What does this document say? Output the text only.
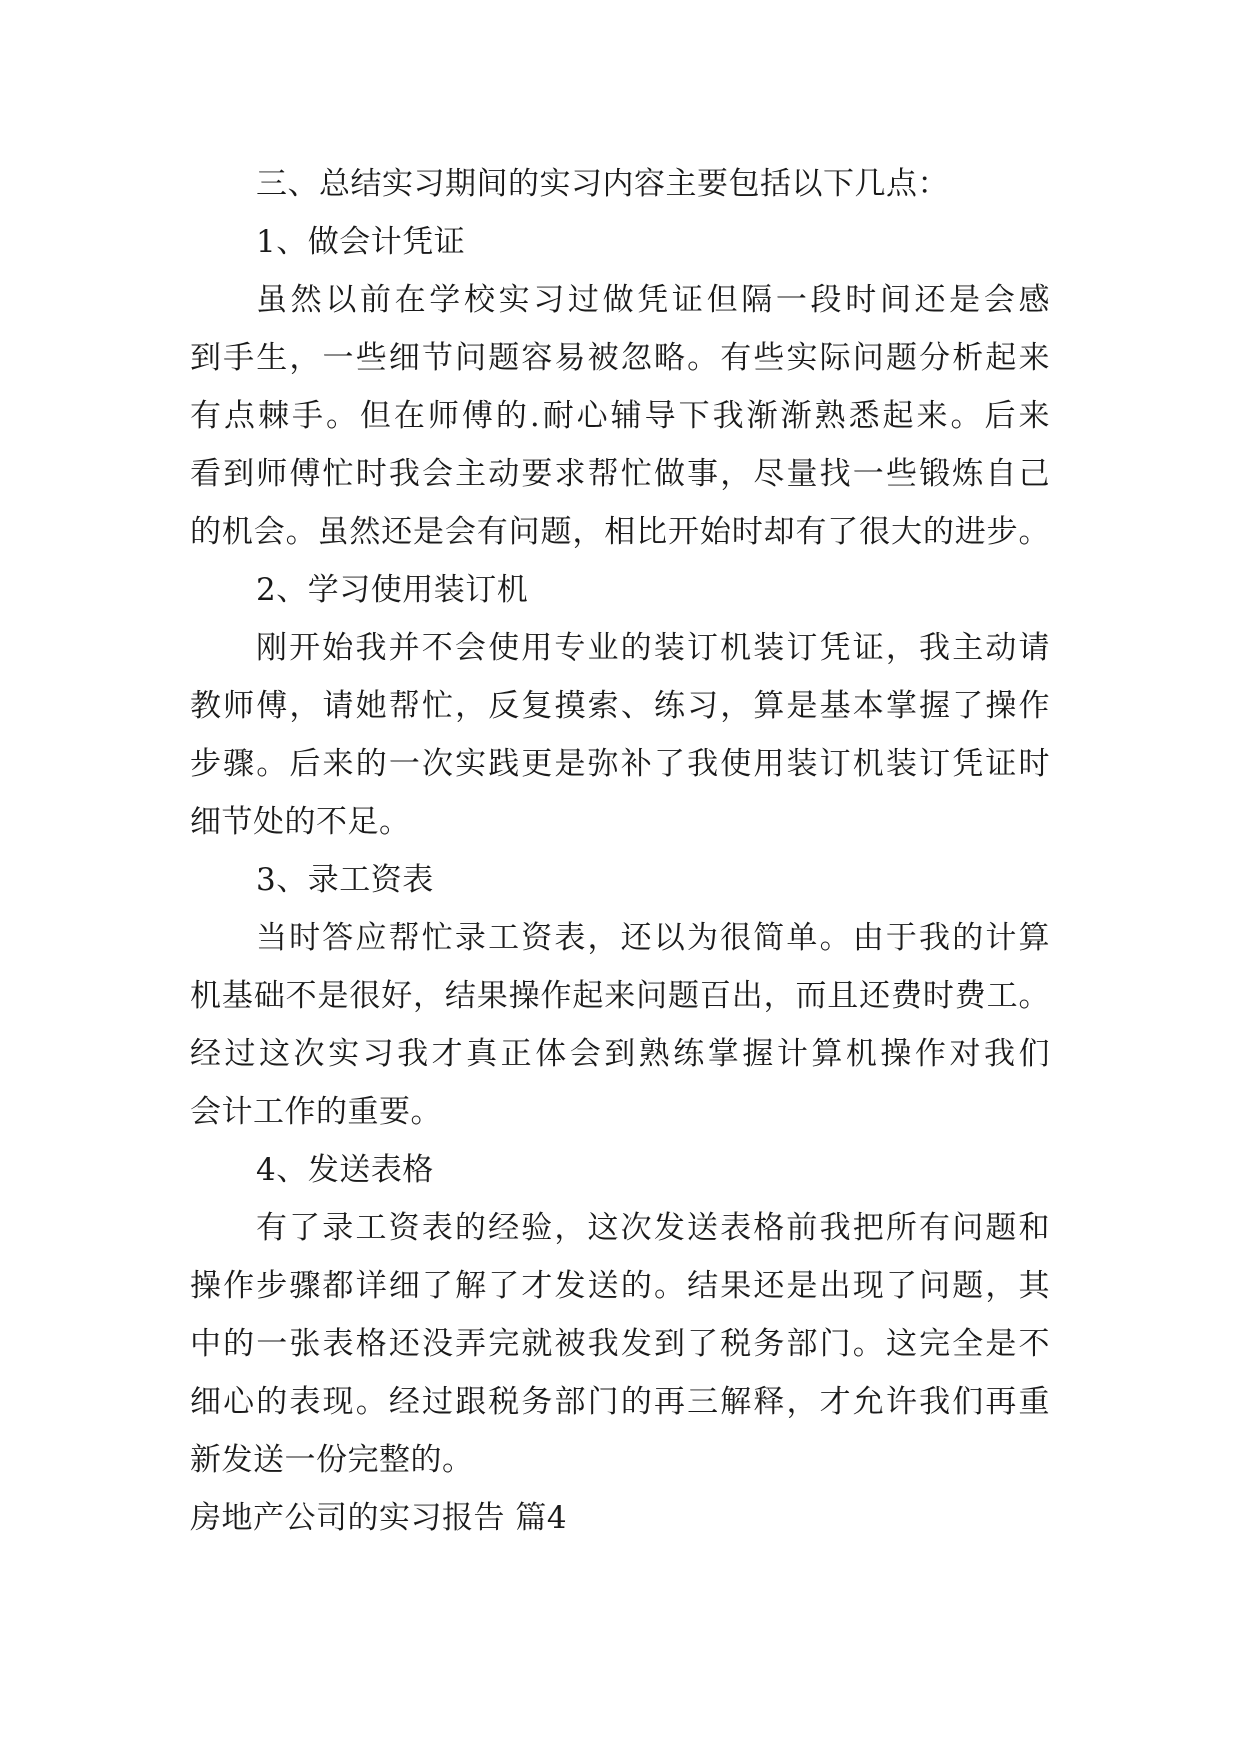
三、总结实习期间的实习内容主要包括以下几点：
1、做会计凭证
虽然以前在学校实习过做凭证但隔一段时间还是会感
到手生，一些细节问题容易被忽略。有些实际问题分析起来
有点棘手。但在师傅的.耐心辅导下我渐渐熟悉起来。后来
看到师傅忙时我会主动要求帮忙做事，尽量找一些锻炼自己
的机会。虽然还是会有问题，相比开始时却有了很大的进步。
2、学习使用装订机
刚开始我并不会使用专业的装订机装订凭证，我主动请
教师傅，请她帮忙，反复摸索、练习，算是基本掌握了操作
步骤。后来的一次实践更是弥补了我使用装订机装订凭证时
细节处的不足。
3、录工资表
当时答应帮忙录工资表，还以为很简单。由于我的计算
机基础不是很好，结果操作起来问题百出，而且还费时费工。
经过这次实习我才真正体会到熟练掌握计算机操作对我们
会计工作的重要。
4、发送表格
有了录工资表的经验，这次发送表格前我把所有问题和
操作步骤都详细了解了才发送的。结果还是出现了问题，其
中的一张表格还没弄完就被我发到了税务部门。这完全是不
细心的表现。经过跟税务部门的再三解释，才允许我们再重
新发送一份完整的。
房地产公司的实习报告 篇4
